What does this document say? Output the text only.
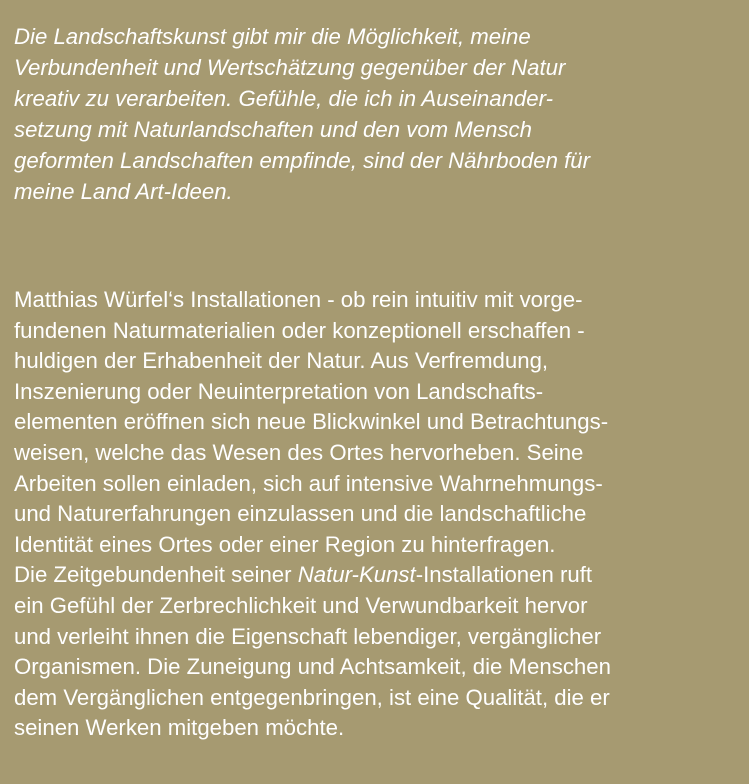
Die Landschaftskunst gibt mir die Möglichkeit, meine
Verbundenheit und Wertschätzung gegenüber der Natur
kreativ zu verarbeiten. Gefühle, die ich in Auseinander-
setzung mit Naturlandschaften und den vom Mensch
geformten Landschaften empfinde, sind der Nährboden für
meine Land Art-Ideen.

Matthias Würfel‘s Installationen - ob rein intuitiv mit vorge-
fundenen Naturmaterialien oder konzeptionell erschaffen -
huldigen der Erhabenheit der Natur. Aus Verfremdung,
Inszenierung oder Neuinterpretation von Landschafts-
elementen eröffnen sich neue Blickwinkel und Betrachtungs-
weisen, welche das Wesen des Ortes hervorheben. Seine
Arbeiten sollen einladen, sich auf intensive Wahrnehmungs-
und Naturerfahrungen einzulassen und die landschaftliche
Identität eines Ortes oder einer Region zu hinterfragen.
Die Zeitgebundenheit seiner Natur-Kunst-Installationen ruft
ein Gefühl der Zerbrechlichkeit und Verwundbarkeit hervor
und verleiht ihnen die Eigenschaft lebendiger, vergänglicher
Organismen. Die Zuneigung und Achtsamkeit, die Menschen
dem Vergänglichen entgegenbringen, ist eine Qualität, die er
seinen Werken mitgeben möchte.
